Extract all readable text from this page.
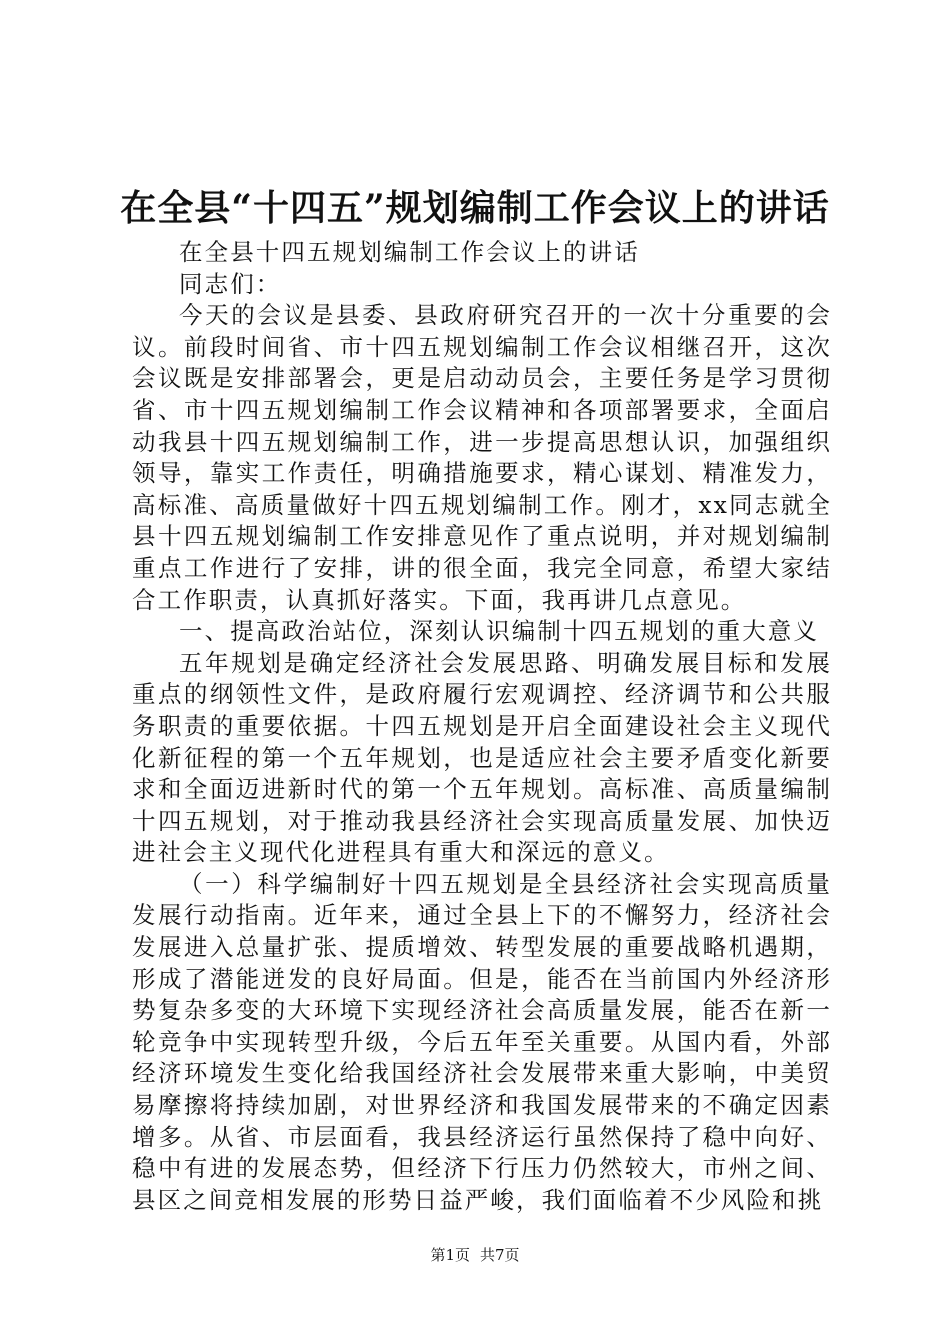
在全县“十四五”规划编制工作会议上的讲话

在全县十四五规划编制工作会议上的讲话

同志们：

今天的会议是县委、县政府研究召开的一次十分重要的会议。前段时间省、市十四五规划编制工作会议相继召开，这次会议既是安排部署会，更是启动动员会，主要任务是学习贯彻省、市十四五规划编制工作会议精神和各项部署要求，全面启动我县十四五规划编制工作，进一步提高思想认识，加强组织领导，靠实工作责任，明确措施要求，精心谋划、精准发力，高标准、高质量做好十四五规划编制工作。刚才，xx同志就全县十四五规划编制工作安排意见作了重点说明，并对规划编制重点工作进行了安排，讲的很全面，我完全同意，希望大家结合工作职责，认真抓好落实。下面，我再讲几点意见。

一、提高政治站位，深刻认识编制十四五规划的重大意义

五年规划是确定经济社会发展思路、明确发展目标和发展重点的纲领性文件，是政府履行宏观调控、经济调节和公共服务职责的重要依据。十四五规划是开启全面建设社会主义现代化新征程的第一个五年规划，也是适应社会主要矛盾变化新要求和全面迈进新时代的第一个五年规划。高标准、高质量编制十四五规划，对于推动我县经济社会实现高质量发展、加快迈进社会主义现代化进程具有重大和深远的意义。

（一）科学编制好十四五规划是全县经济社会实现高质量发展行动指南。近年来，通过全县上下的不懈努力，经济社会发展进入总量扩张、提质增效、转型发展的重要战略机遇期，形成了潜能迸发的良好局面。但是，能否在当前国内外经济形势复杂多变的大环境下实现经济社会高质量发展，能否在新一轮竞争中实现转型升级，今后五年至关重要。从国内看，外部经济环境发生变化给我国经济社会发展带来重大影响，中美贸易摩擦将持续加剧，对世界经济和我国发展带来的不确定因素增多。从省、市层面看，我县经济运行虽然保持了稳中向好、稳中有进的发展态势，但经济下行压力仍然较大，市州之间、县区之间竞相发展的形势日益严峻，我们面临着不少风险和挑

第1页 共7页
